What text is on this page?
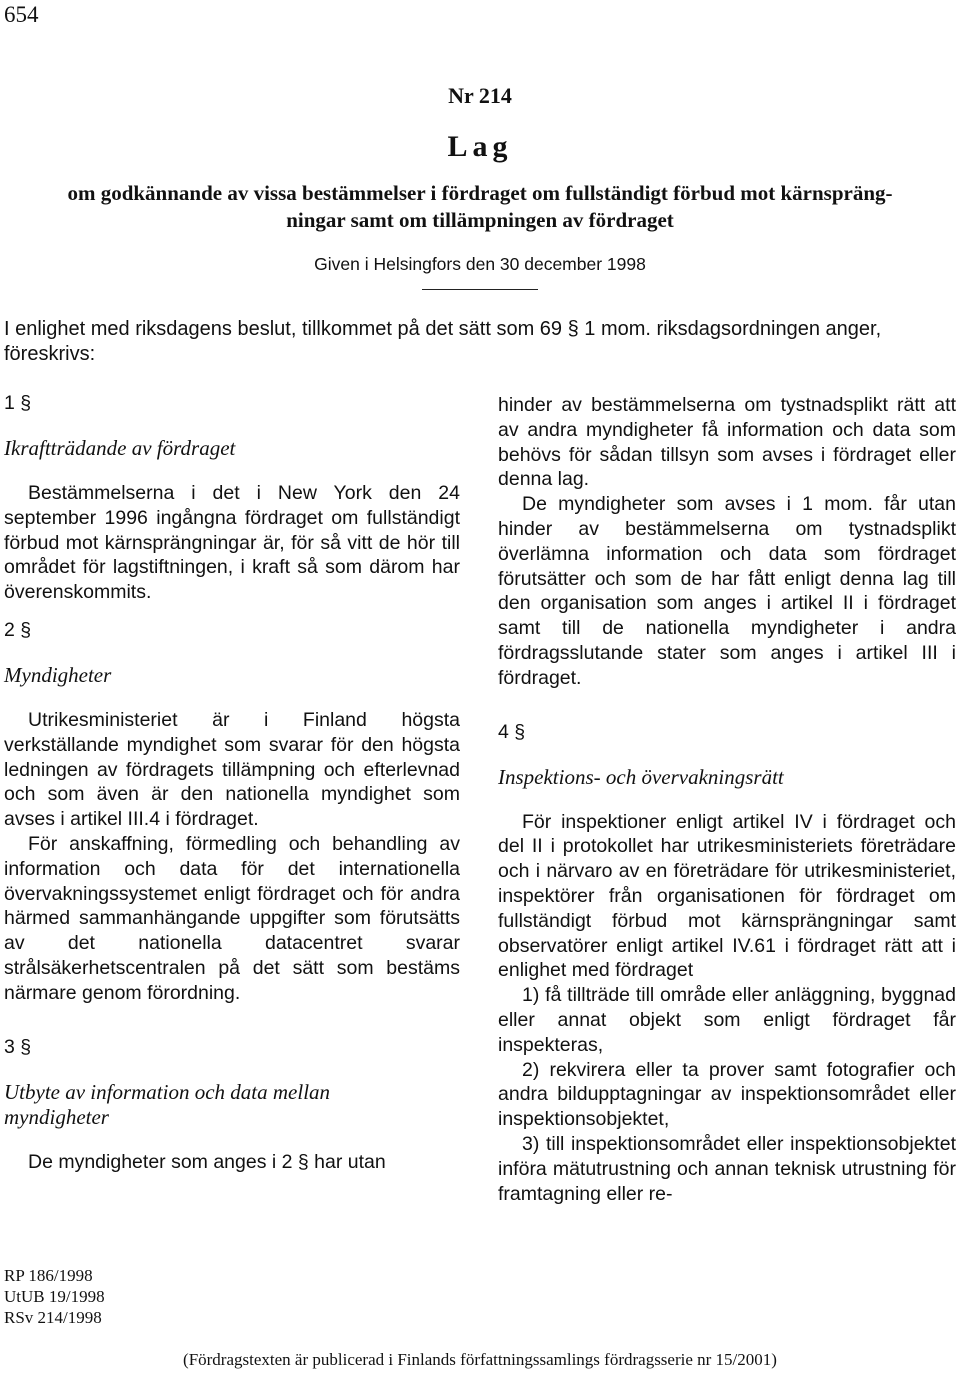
654
Nr 214
Lag
om godkännande av vissa bestämmelser i fördraget om fullständigt förbud mot kärnspräng-
ningar samt om tillämpningen av fördraget
Given i Helsingfors den 30 december 1998
I enlighet med riksdagens beslut, tillkommet på det sätt som 69 § 1 mom. riksdagsordningen anger, föreskrivs:

1 §

Ikraftträdande av fördraget

Bestämmelserna i det i New York den 24 september 1996 ingångna fördraget om fullständigt förbud mot kärnsprängningar är, för så vitt de hör till området för lagstiftningen, i kraft så som därom har överenskommits.

2 §

Myndigheter

Utrikesministeriet är i Finland högsta verkställande myndighet som svarar för den högsta ledningen av fördragets tillämpning och efterlevnad och som även är den nationella myndighet som avses i artikel III.4 i fördraget.

För anskaffning, förmedling och behandling av information och data för det internationella övervakningssystemet enligt fördraget och för andra härmed sammanhängande uppgifter som förutsätts av det nationella datacentret svarar strålsäkerhetscentralen på det sätt som bestäms närmare genom förordning.

3 §

Utbyte av information och data mellan

myndigheter

De myndigheter som anges i 2 § har utan

hinder av bestämmelserna om tystnadsplikt rätt att av andra myndigheter få information och data som behövs för sådan tillsyn som avses i fördraget eller denna lag.

De myndigheter som avses i 1 mom. får utan hinder av bestämmelserna om tystnadsplikt överlämna information och data som fördraget förutsätter och som de har fått enligt denna lag till den organisation som anges i artikel II i fördraget samt till de nationella myndigheter i andra fördragsslutande stater som anges i artikel III i fördraget.

4 §

Inspektions- och övervakningsrätt

För inspektioner enligt artikel IV i fördraget och del II i protokollet har utrikesministeriets företrädare och i närvaro av en företrädare för utrikesministeriet, inspektörer från organisationen för fördraget om fullständigt förbud mot kärnsprängningar samt observatörer enligt artikel IV.61 i fördraget rätt att i enlighet med fördraget

1) få tillträde till område eller anläggning, byggnad eller annat objekt som enligt fördraget får inspekteras,

2) rekvirera eller ta prover samt fotografier och andra bildupptagningar av inspektionsområdet eller inspektionsobjektet,

3) till inspektionsområdet eller inspektionsobjektet införa mätutrustning och annan teknisk utrustning för framtagning eller re-

RP 186/1998
UtUB 19/1998
RSv 214/1998
(Fördragstexten är publicerad i Finlands författningssamlings fördragsserie nr 15/2001)
